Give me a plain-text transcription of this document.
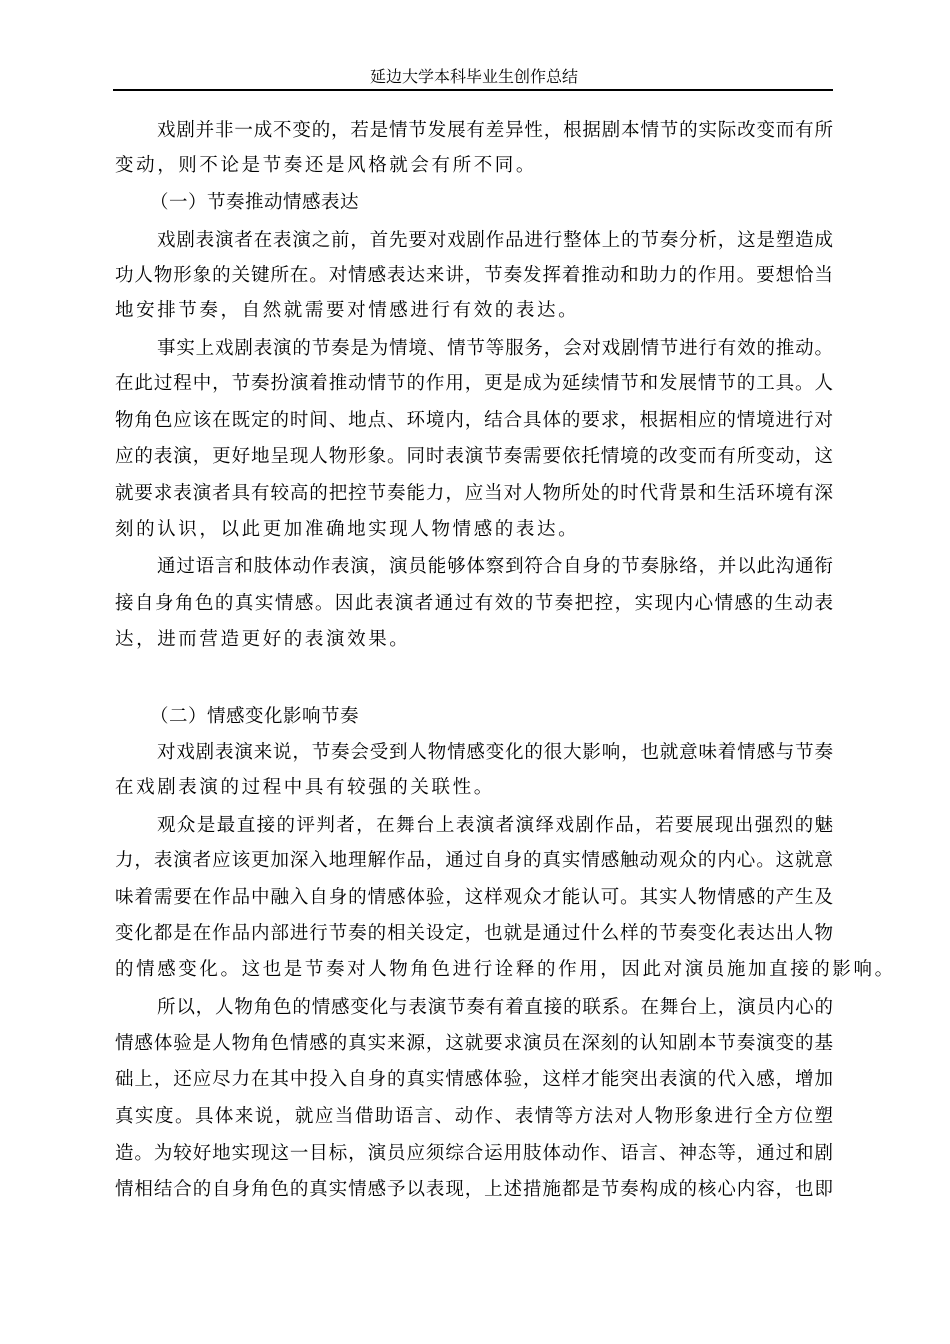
延边大学本科毕业生创作总结
戏剧并非一成不变的，若是情节发展有差异性，根据剧本情节的实际改变而有所
变动，则不论是节奏还是风格就会有所不同。
（一）节奏推动情感表达
戏剧表演者在表演之前，首先要对戏剧作品进行整体上的节奏分析，这是塑造成
功人物形象的关键所在。对情感表达来讲，节奏发挥着推动和助力的作用。要想恰当
地安排节奏，自然就需要对情感进行有效的表达。
事实上戏剧表演的节奏是为情境、情节等服务，会对戏剧情节进行有效的推动。
在此过程中，节奏扮演着推动情节的作用，更是成为延续情节和发展情节的工具。人
物角色应该在既定的时间、地点、环境内，结合具体的要求，根据相应的情境进行对
应的表演，更好地呈现人物形象。同时表演节奏需要依托情境的改变而有所变动，这
就要求表演者具有较高的把控节奏能力，应当对人物所处的时代背景和生活环境有深
刻的认识，以此更加准确地实现人物情感的表达。
通过语言和肢体动作表演，演员能够体察到符合自身的节奏脉络，并以此沟通衔
接自身角色的真实情感。因此表演者通过有效的节奏把控，实现内心情感的生动表
达，进而营造更好的表演效果。
（二）情感变化影响节奏
对戏剧表演来说，节奏会受到人物情感变化的很大影响，也就意味着情感与节奏
在戏剧表演的过程中具有较强的关联性。
观众是最直接的评判者，在舞台上表演者演绎戏剧作品，若要展现出强烈的魅
力，表演者应该更加深入地理解作品，通过自身的真实情感触动观众的内心。这就意
味着需要在作品中融入自身的情感体验，这样观众才能认可。其实人物情感的产生及
变化都是在作品内部进行节奏的相关设定，也就是通过什么样的节奏变化表达出人物
的情感变化。这也是节奏对人物角色进行诠释的作用，因此对演员施加直接的影响。
所以，人物角色的情感变化与表演节奏有着直接的联系。在舞台上，演员内心的
情感体验是人物角色情感的真实来源，这就要求演员在深刻的认知剧本节奏演变的基
础上，还应尽力在其中投入自身的真实情感体验，这样才能突出表演的代入感，增加
真实度。具体来说，就应当借助语言、动作、表情等方法对人物形象进行全方位塑
造。为较好地实现这一目标，演员应须综合运用肢体动作、语言、神态等，通过和剧
情相结合的自身角色的真实情感予以表现，上述措施都是节奏构成的核心内容，也即
